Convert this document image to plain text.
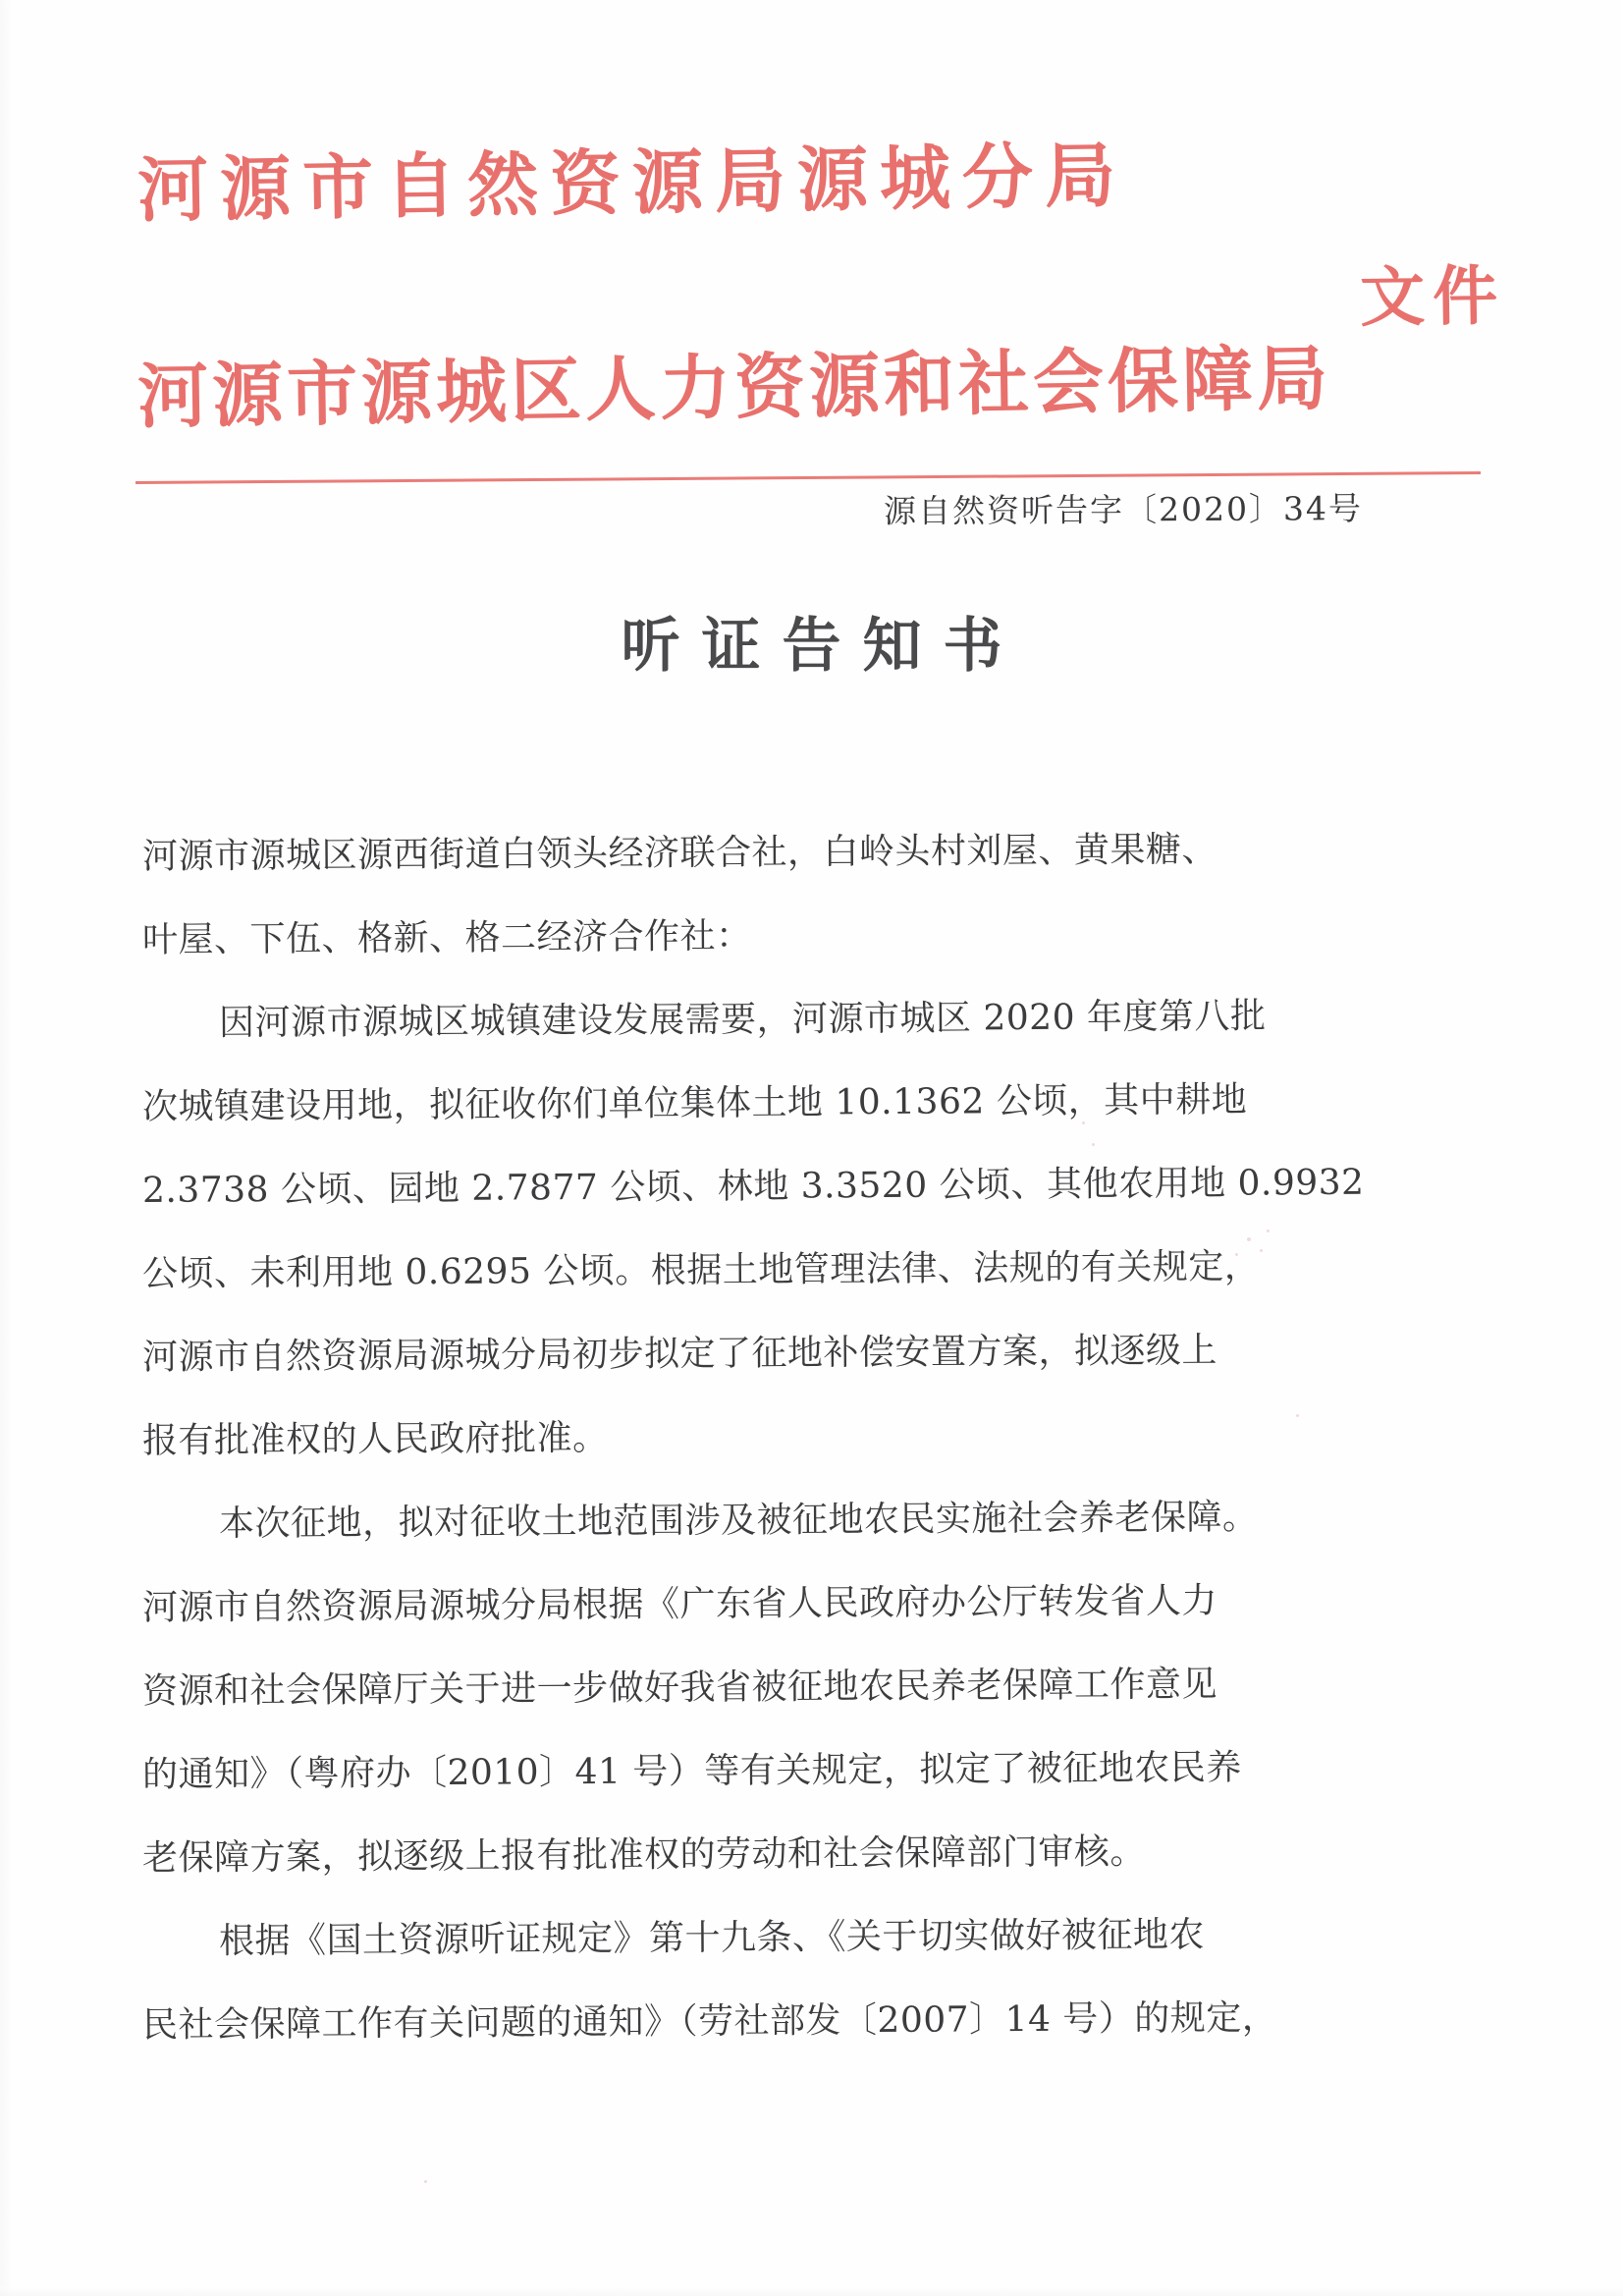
河源市自然资源局源城分局
文件
河源市源城区人力资源和社会保障局
源自然资听告字〔2020〕34号
听证告知书
河源市源城区源西街道白领头经济联合社，白岭头村刘屋、黄果糖、
叶屋、下伍、格新、格二经济合作社：
因河源市源城区城镇建设发展需要，河源市城区 2020 年度第八批
次城镇建设用地，拟征收你们单位集体土地 10.1362 公顷，其中耕地
2.3738 公顷、园地 2.7877 公顷、林地 3.3520 公顷、其他农用地 0.9932
公顷、未利用地 0.6295 公顷。根据土地管理法律、法规的有关规定，
河源市自然资源局源城分局初步拟定了征地补偿安置方案，拟逐级上
报有批准权的人民政府批准。
本次征地，拟对征收土地范围涉及被征地农民实施社会养老保障。
河源市自然资源局源城分局根据《广东省人民政府办公厅转发省人力
资源和社会保障厅关于进一步做好我省被征地农民养老保障工作意见
的通知》（粤府办〔2010〕41 号）等有关规定，拟定了被征地农民养
老保障方案，拟逐级上报有批准权的劳动和社会保障部门审核。
根据《国土资源听证规定》第十九条、《关于切实做好被征地农
民社会保障工作有关问题的通知》（劳社部发〔2007〕14 号）的规定，
